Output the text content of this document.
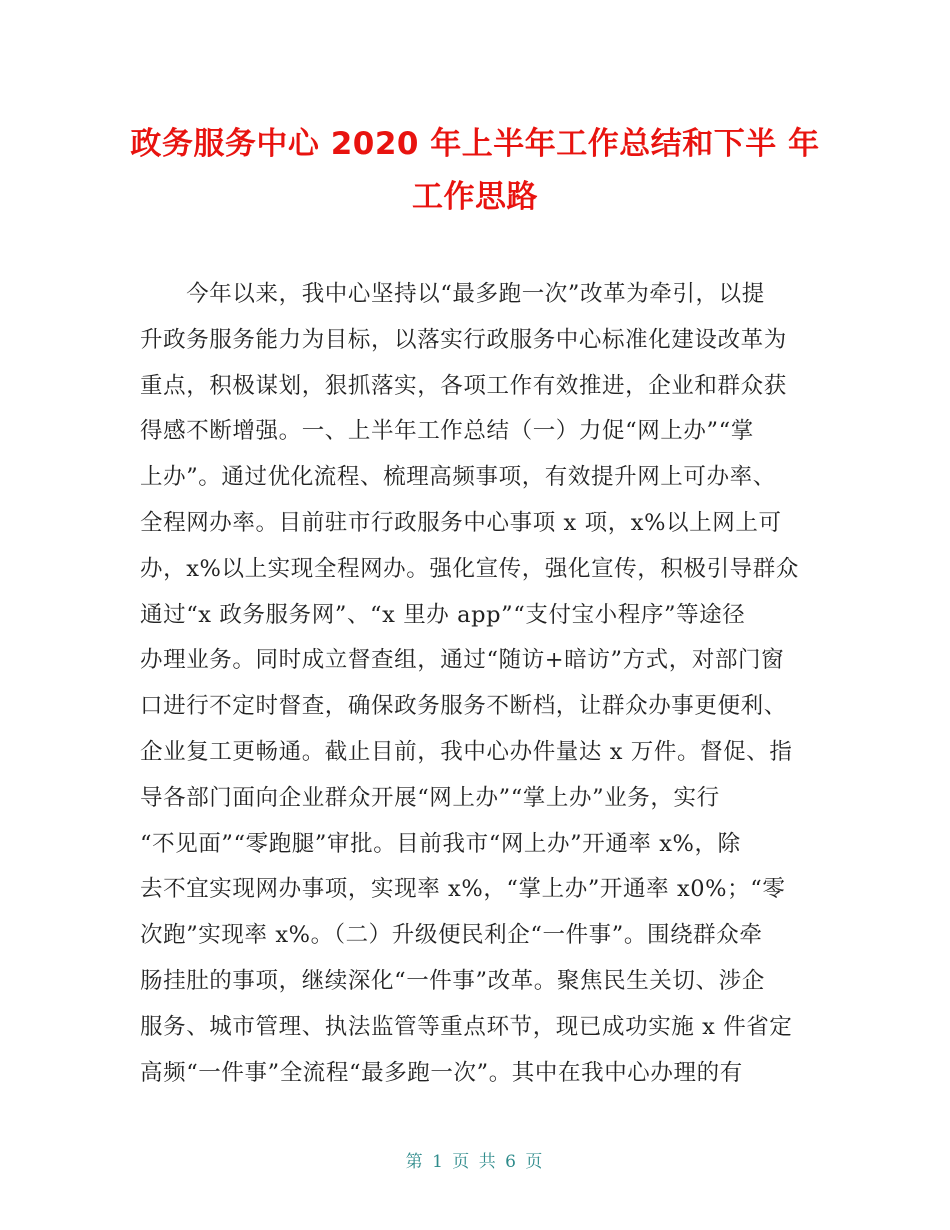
政务服务中心 2020 年上半年工作总结和下半 年工作思路
　　今年以来，我中心坚持以“最多跑一次”改革为牵引，以提
升政务服务能力为目标，以落实行政服务中心标准化建设改革为
重点，积极谋划，狠抓落实，各项工作有效推进，企业和群众获
得感不断增强。一、上半年工作总结（一）力促“网上办”“掌
上办”。通过优化流程、梳理高频事项，有效提升网上可办率、
全程网办率。目前驻市行政服务中心事项 x 项，x%以上网上可
办，x%以上实现全程网办。强化宣传，强化宣传，积极引导群众
通过“x 政务服务网”、“x 里办 app”“支付宝小程序”等途径
办理业务。同时成立督查组，通过“随访+暗访”方式，对部门窗
口进行不定时督查，确保政务服务不断档，让群众办事更便利、
企业复工更畅通。截止目前，我中心办件量达 x 万件。督促、指
导各部门面向企业群众开展“网上办”“掌上办”业务，实行
“不见面”“零跑腿”审批。目前我市“网上办”开通率 x%，除
去不宜实现网办事项，实现率 x%，“掌上办”开通率 x0%；“零
次跑”实现率 x%。（二）升级便民利企“一件事”。围绕群众牵
肠挂肚的事项，继续深化“一件事”改革。聚焦民生关切、涉企
服务、城市管理、执法监管等重点环节，现已成功实施 x 件省定
高频“一件事”全流程“最多跑一次”。其中在我中心办理的有
第 1 页 共 6 页
